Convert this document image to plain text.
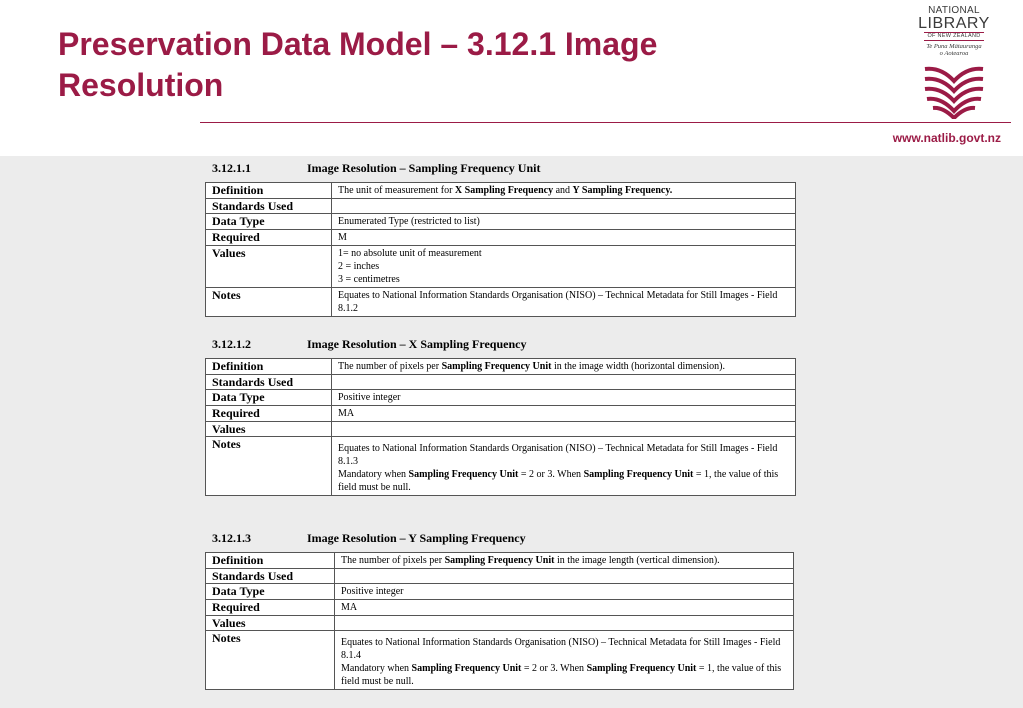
Preservation Data Model – 3.12.1 Image Resolution
NATIONAL
LIBRARY
OF NEW ZEALAND
Te Puna Mātauranga
o Aotearoa
www.natlib.govt.nz
3.12.1.1	Image Resolution – Sampling Frequency Unit
Definition	The unit of measurement for X Sampling Frequency and Y Sampling Frequency.
Standards Used	
Data Type	Enumerated Type (restricted to list)
Required	M
Values	1= no absolute unit of measurement
2 = inches
3 = centimetres

Notes	Equates to National Information Standards Organisation (NISO) – Technical Metadata for Still Images - Field 8.1.2
3.12.1.2	Image Resolution – X Sampling Frequency
Definition	The number of pixels per Sampling Frequency Unit in the image width (horizontal dimension).
Standards Used	
Data Type	Positive integer
Required	MA
Values	
Notes	Equates to National Information Standards Organisation (NISO) – Technical Metadata for Still Images - Field 8.1.3
Mandatory when Sampling Frequency Unit = 2 or 3. When Sampling Frequency Unit = 1, the value of this field must be null.
3.12.1.3	Image Resolution – Y Sampling Frequency
Definition	The number of pixels per Sampling Frequency Unit in the image length (vertical dimension).
Standards Used	
Data Type	Positive integer
Required	MA
Values	
Notes	Equates to National Information Standards Organisation (NISO) – Technical Metadata for Still Images - Field 8.1.4
Mandatory when Sampling Frequency Unit = 2 or 3. When Sampling Frequency Unit = 1, the value of this field must be null.
